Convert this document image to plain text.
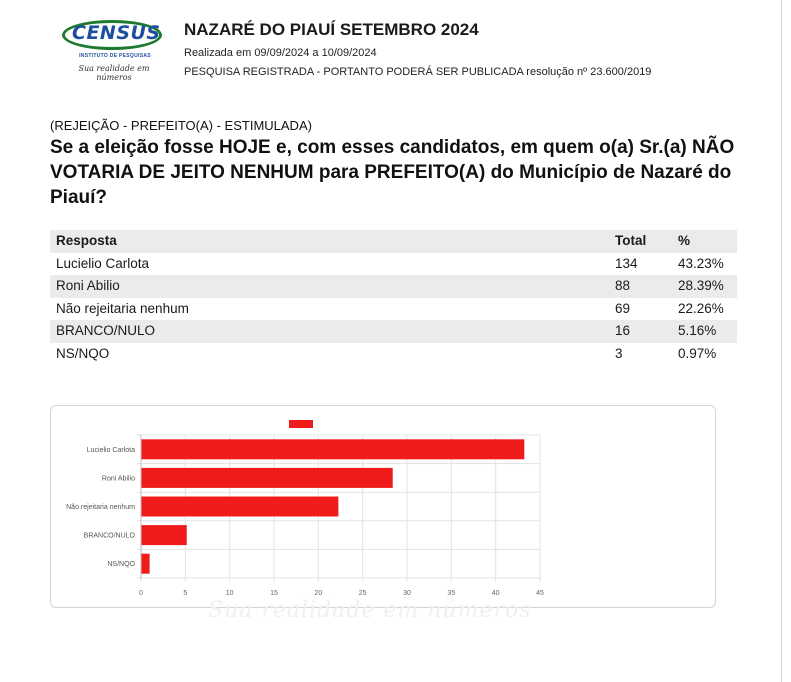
CENSUS
INSTITUTO DE PESQUISAS
Sua realidade em números
NAZARÉ DO PIAUÍ SETEMBRO 2024
Realizada em 09/09/2024 a 10/09/2024
PESQUISA REGISTRADA - PORTANTO PODERÁ SER PUBLICADA resolução nº 23.600/2019
(REJEIÇÃO - PREFEITO(A) - ESTIMULADA)
Se a eleição fosse HOJE e, com esses candidatos, em quem o(a) Sr.(a) NÃO VOTARIA DE JEITO NENHUM para PREFEITO(A) do Município de Nazaré do Piauí?
Resposta	Total %
Lucielio Carlota	134	43.23%
Roni Abilio	88	28.39%
Não rejeitaria nenhum	69	22.26%
BRANCO/NULO	16	5.16%
NS/NQO	3	0.97%
0	5	10	15	20	25	30	35	40	45
Lucielio Carlota
Roni Abilio
Não rejeitaria nenhum
BRANCO/NULO
NS/NQO
Sua realidade em números
